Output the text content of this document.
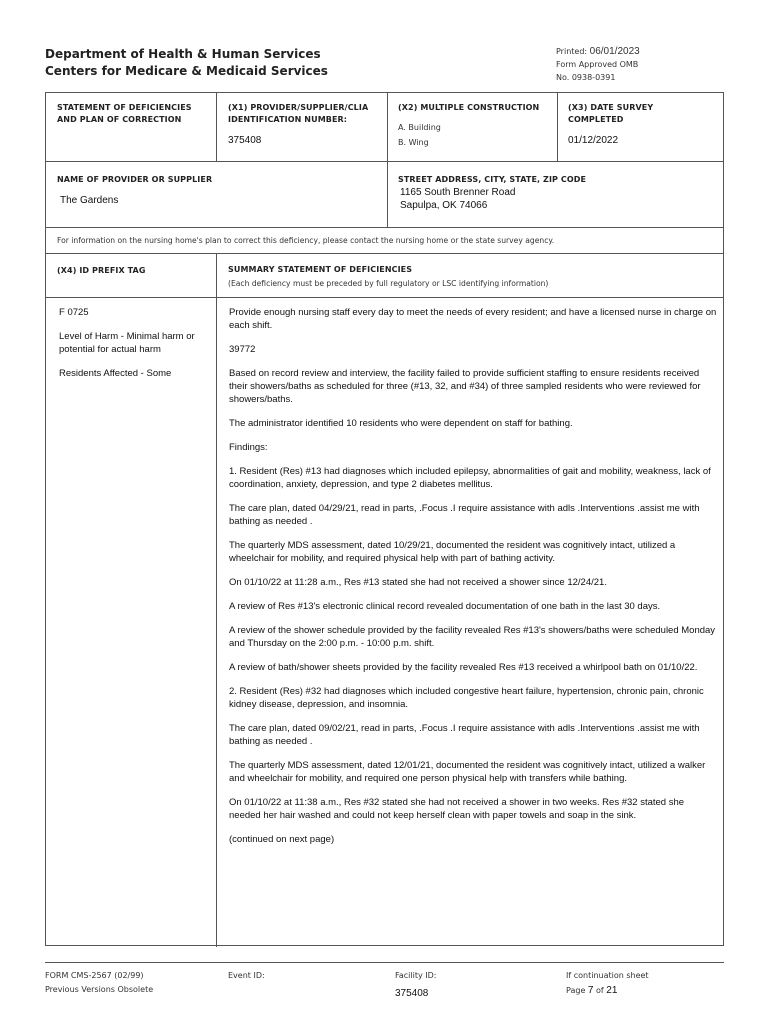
Department of Health & Human Services
Centers for Medicare & Medicaid Services
Printed: 06/01/2023
Form Approved OMB
No. 0938-0391
STATEMENT OF DEFICIENCIES
AND PLAN OF CORRECTION
(X1) PROVIDER/SUPPLIER/CLIA
IDENTIFICATION NUMBER:
375408
(X2) MULTIPLE CONSTRUCTION
A. Building
B. Wing
(X3) DATE SURVEY
COMPLETED
01/12/2022
NAME OF PROVIDER OR SUPPLIER
The Gardens
STREET ADDRESS, CITY, STATE, ZIP CODE
1165 South Brenner Road
Sapulpa, OK 74066
For information on the nursing home's plan to correct this deficiency, please contact the nursing home or the state survey agency.
(X4) ID PREFIX TAG	SUMMARY STATEMENT OF DEFICIENCIES
(Each deficiency must be preceded by full regulatory or LSC identifying information)

F 0725

Level of Harm - Minimal harm or potential for actual harm

Residents Affected - Some

Provide enough nursing staff every day to meet the needs of every resident; and have a licensed nurse in charge on each shift.

39772

Based on record review and interview, the facility failed to provide sufficient staffing to ensure residents received their showers/baths as scheduled for three (#13, 32, and #34) of three sampled residents who were reviewed for showers/baths.

The administrator identified 10 residents who were dependent on staff for bathing.

Findings:

1. Resident (Res) #13 had diagnoses which included epilepsy, abnormalities of gait and mobility, weakness, lack of coordination, anxiety, depression, and type 2 diabetes mellitus.

The care plan, dated 04/29/21, read in parts, .Focus .I require assistance with adls .Interventions .assist me with bathing as needed .

The quarterly MDS assessment, dated 10/29/21, documented the resident was cognitively intact, utilized a wheelchair for mobility, and required physical help with part of bathing activity.

On 01/10/22 at 11:28 a.m., Res #13 stated she had not received a shower since 12/24/21.

A review of Res #13's electronic clinical record revealed documentation of one bath in the last 30 days.

A review of the shower schedule provided by the facility revealed Res #13's showers/baths were scheduled Monday and Thursday on the 2:00 p.m. - 10:00 p.m. shift.

A review of bath/shower sheets provided by the facility revealed Res #13 received a whirlpool bath on 01/10/22.

2. Resident (Res) #32 had diagnoses which included congestive heart failure, hypertension, chronic pain, chronic kidney disease, depression, and insomnia.

The care plan, dated 09/02/21, read in parts, .Focus .I require assistance with adls .Interventions .assist me with bathing as needed .

The quarterly MDS assessment, dated 12/01/21, documented the resident was cognitively intact, utilized a walker and wheelchair for mobility, and required one person physical help with transfers while bathing.

On 01/10/22 at 11:38 a.m., Res #32 stated she had not received a shower in two weeks. Res #32 stated she needed her hair washed and could not keep herself clean with paper towels and soap in the sink.

(continued on next page)

FORM CMS-2567 (02/99)
Previous Versions Obsolete
Event ID:	Facility ID:
375408
If continuation sheet
Page 7 of 21
